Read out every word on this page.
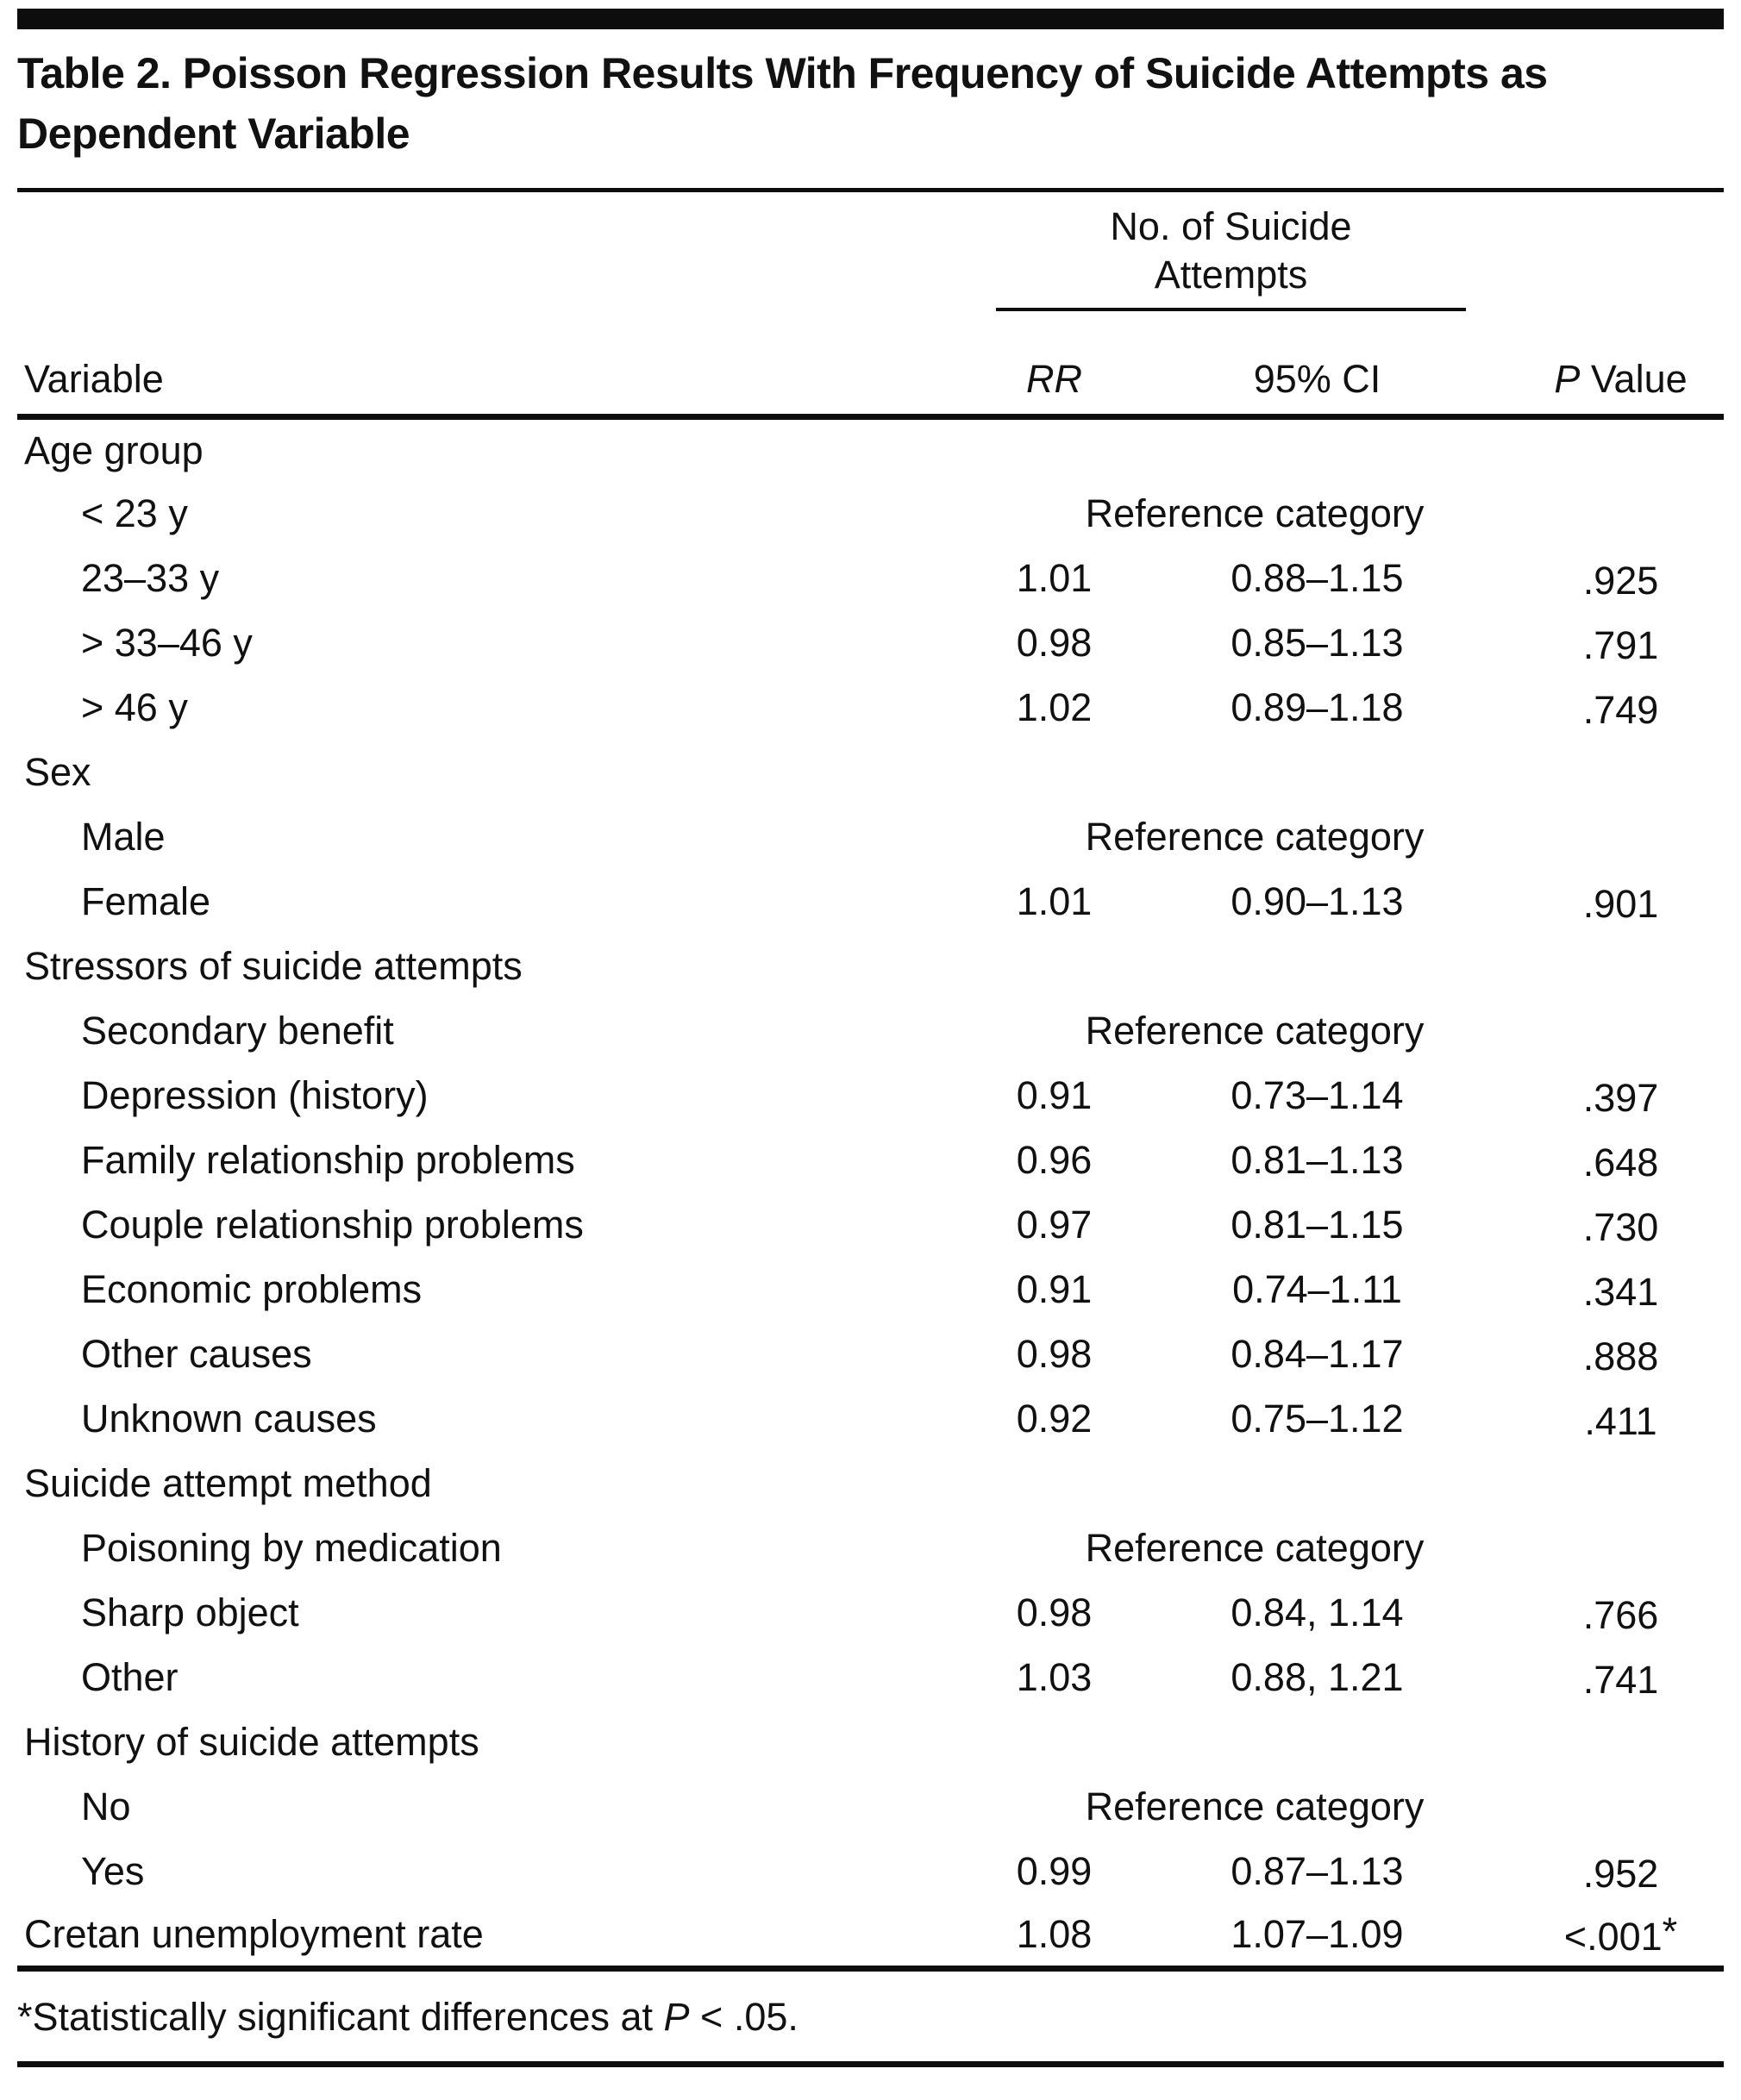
Table 2. Poisson Regression Results With Frequency of Suicide Attempts as Dependent Variable
Variable	No. of Suicide Attempts		P Value
	RR	95% CI	
Age group			
< 23 y	Reference category		
23–33 y	1.01	0.88–1.15	.925
> 33–46 y	0.98	0.85–1.13	.791
> 46 y	1.02	0.89–1.18	.749
Sex			
Male	Reference category		
Female	1.01	0.90–1.13	.901
Stressors of suicide attempts			
Secondary benefit	Reference category		
Depression (history)	0.91	0.73–1.14	.397
Family relationship problems	0.96	0.81–1.13	.648
Couple relationship problems	0.97	0.81–1.15	.730
Economic problems	0.91	0.74–1.11	.341
Other causes	0.98	0.84–1.17	.888
Unknown causes	0.92	0.75–1.12	.411
Suicide attempt method			
Poisoning by medication	Reference category		
Sharp object	0.98	0.84, 1.14	.766
Other	1.03	0.88, 1.21	.741
History of suicide attempts			
No	Reference category		
Yes	0.99	0.87–1.13	.952
Cretan unemployment rate	1.08	1.07–1.09	<.001*
*Statistically significant differences at P < .05.
